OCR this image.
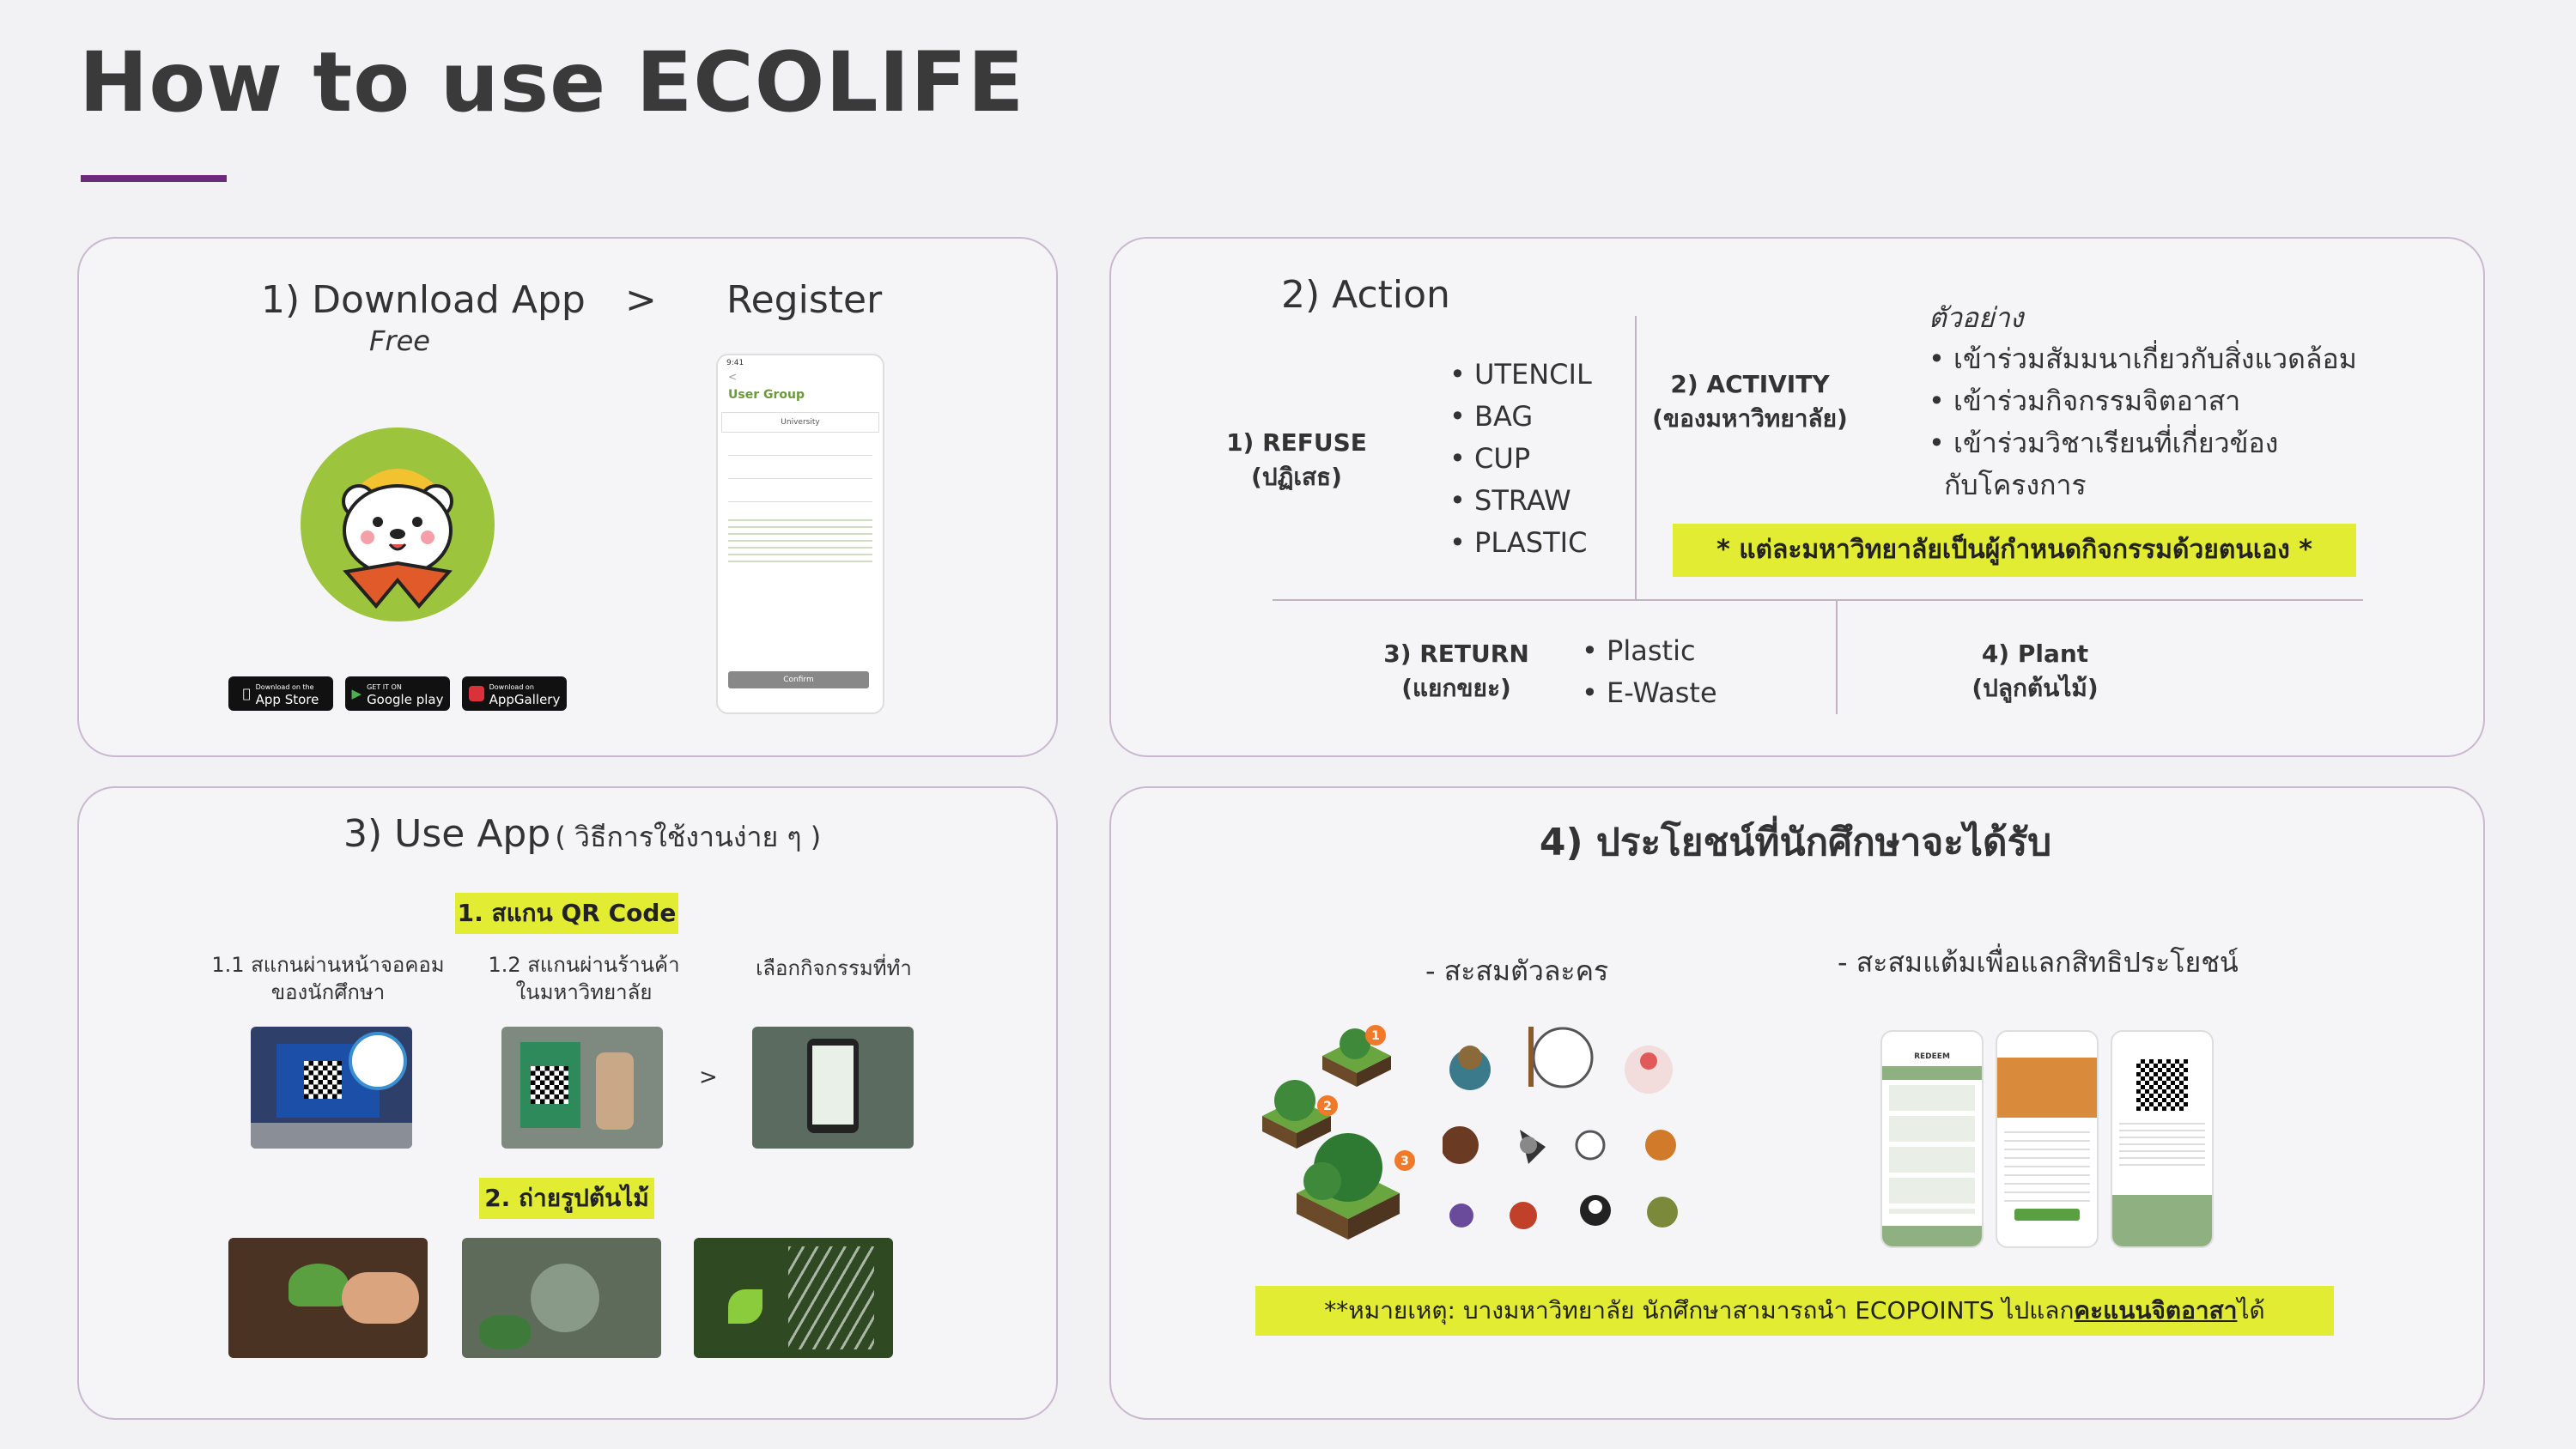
How to use ECOLIFE
1) Download App > Register
Free
Download on the
App Store	▶ GET IT ON
Google play
Download on
AppGallery
9:41
<
User Group
University
Confirm
2) Action
1) REFUSE
(ปฏิเสธ)
• UTENCIL
• BAG
• CUP
• STRAW
• PLASTIC
2) ACTIVITY
(ของมหาวิทยาลัย)
ตัวอย่าง
• เข้าร่วมสัมมนาเกี่ยวกับสิ่งแวดล้อม
• เข้าร่วมกิจกรรมจิตอาสา
• เข้าร่วมวิชาเรียนที่เกี่ยวข้อง
กับโครงการ
* แต่ละมหาวิทยาลัยเป็นผู้กำหนดกิจกรรมด้วยตนเอง *
3) RETURN
(แยกขยะ)
• Plastic
• E-Waste
4) Plant
(ปลูกต้นไม้)
3) Use App ( วิธีการใช้งานง่าย ๆ )
1. สแกน QR Code
1.1 สแกนผ่านหน้าจอคอม
ของนักศึกษา
1.2 สแกนผ่านร้านค้า
ในมหาวิทยาลัย
เลือกกิจกรรมที่ทำ
>
2. ถ่ายรูปต้นไม้
4) ประโยชน์ที่นักศึกษาจะได้รับ
- สะสมตัวละคร	- สะสมแต้มเพื่อแลกสิทธิประโยชน์
1
2
3
REDEEM
**หมายเหตุ: บางมหาวิทยาลัย นักศึกษาสามารถนำ ECOPOINTS ไปแลกคะแนนจิตอาสาได้
